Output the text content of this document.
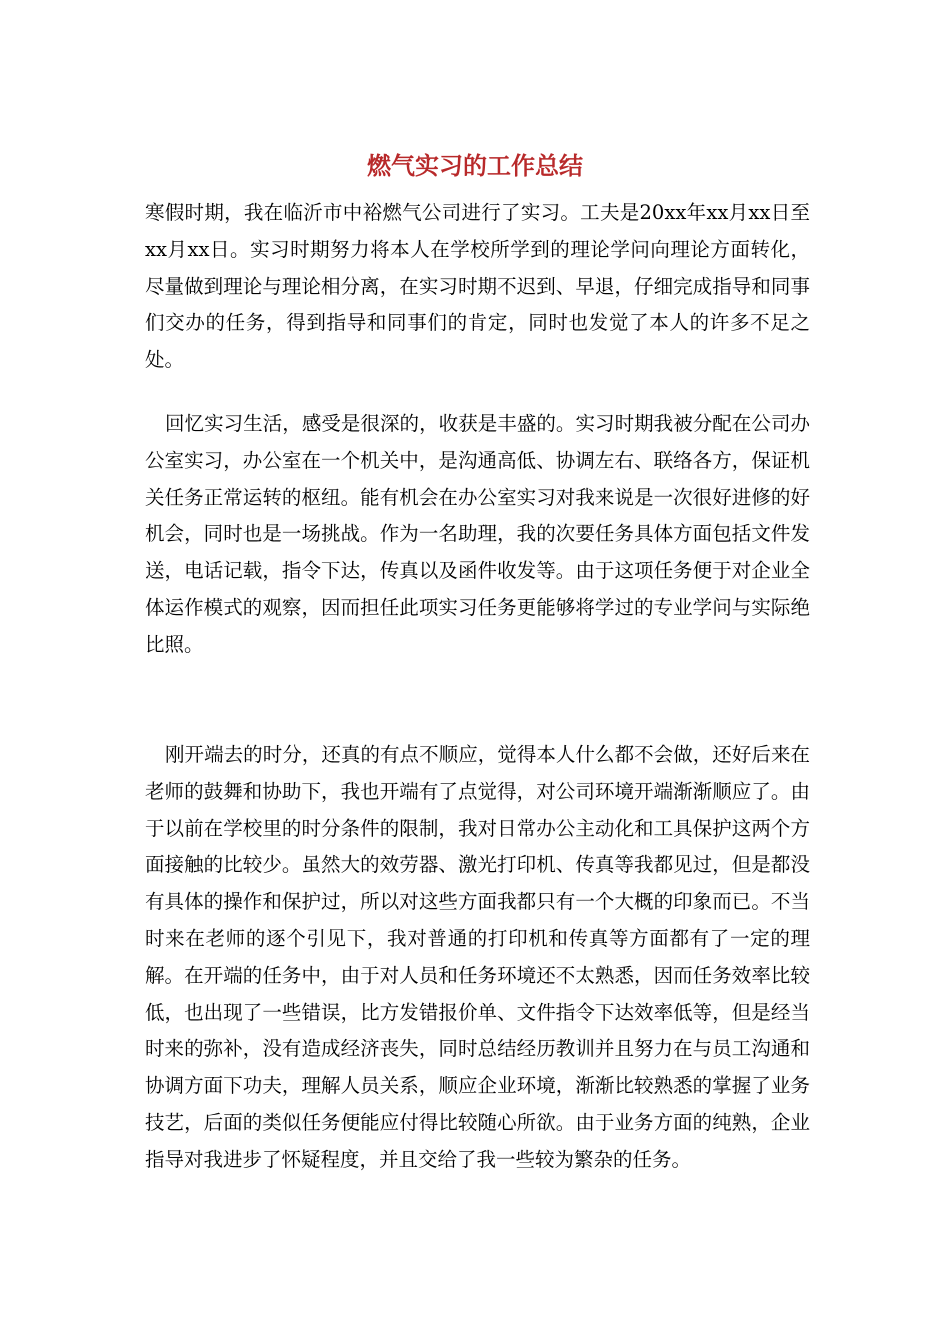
燃气实习的工作总结

寒假时期，我在临沂市中裕燃气公司进行了实习。工夫是20xx年xx月xx日至xx月xx日。实习时期努力将本人在学校所学到的理论学问向理论方面转化，尽量做到理论与理论相分离，在实习时期不迟到、早退，仔细完成指导和同事们交办的任务，得到指导和同事们的肯定，同时也发觉了本人的许多不足之处。

回忆实习生活，感受是很深的，收获是丰盛的。实习时期我被分配在公司办公室实习，办公室在一个机关中，是沟通高低、协调左右、联络各方，保证机关任务正常运转的枢纽。能有机会在办公室实习对我来说是一次很好进修的好机会，同时也是一场挑战。作为一名助理，我的次要任务具体方面包括文件发送，电话记载，指令下达，传真以及函件收发等。由于这项任务便于对企业全体运作模式的观察，因而担任此项实习任务更能够将学过的专业学问与实际绝比照。

刚开端去的时分，还真的有点不顺应，觉得本人什么都不会做，还好后来在老师的鼓舞和协助下，我也开端有了点觉得，对公司环境开端渐渐顺应了。由于以前在学校里的时分条件的限制，我对日常办公主动化和工具保护这两个方面接触的比较少。虽然大的效劳器、激光打印机、传真等我都见过，但是都没有具体的操作和保护过，所以对这些方面我都只有一个大概的印象而已。不当时来在老师的逐个引见下，我对普通的打印机和传真等方面都有了一定的理解。在开端的任务中，由于对人员和任务环境还不太熟悉，因而任务效率比较低，也出现了一些错误，比方发错报价单、文件指令下达效率低等，但是经当时来的弥补，没有造成经济丧失，同时总结经历教训并且努力在与员工沟通和协调方面下功夫，理解人员关系，顺应企业环境，渐渐比较熟悉的掌握了业务技艺，后面的类似任务便能应付得比较随心所欲。由于业务方面的纯熟，企业指导对我进步了怀疑程度，并且交给了我一些较为繁杂的任务。
